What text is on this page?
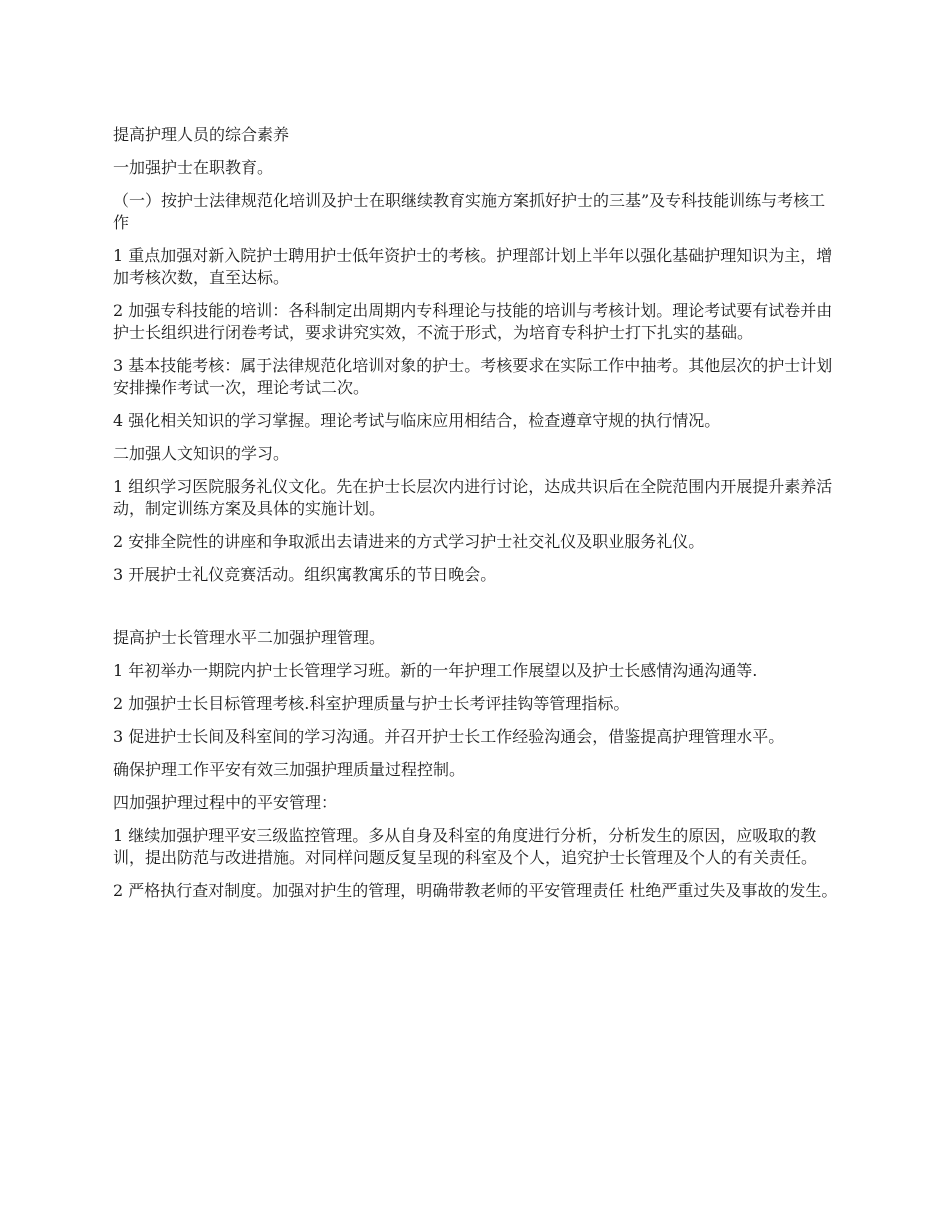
提高护理人员的综合素养

一加强护士在职教育。

（一）按护士法律规范化培训及护士在职继续教育实施方案抓好护士的三基”及专科技能训练与考核工作

1 重点加强对新入院护士聘用护士低年资护士的考核。护理部计划上半年以强化基础护理知识为主，增加考核次数，直至达标。

2 加强专科技能的培训：各科制定出周期内专科理论与技能的培训与考核计划。理论考试要有试卷并由护士长组织进行闭卷考试，要求讲究实效，不流于形式，为培育专科护士打下扎实的基础。

3 基本技能考核：属于法律规范化培训对象的护士。考核要求在实际工作中抽考。其他层次的护士计划安排操作考试一次，理论考试二次。

4 强化相关知识的学习掌握。理论考试与临床应用相结合，检查遵章守规的执行情况。

二加强人文知识的学习。

1 组织学习医院服务礼仪文化。先在护士长层次内进行讨论，达成共识后在全院范围内开展提升素养活动，制定训练方案及具体的实施计划。

2 安排全院性的讲座和争取派出去请进来的方式学习护士社交礼仪及职业服务礼仪。

3 开展护士礼仪竞赛活动。组织寓教寓乐的节日晚会。

提高护士长管理水平二加强护理管理。

1 年初举办一期院内护士长管理学习班。新的一年护理工作展望以及护士长感情沟通沟通等.

2 加强护士长目标管理考核.科室护理质量与护士长考评挂钩等管理指标。

3 促进护士长间及科室间的学习沟通。并召开护士长工作经验沟通会，借鉴提高护理管理水平。

确保护理工作平安有效三加强护理质量过程控制。

四加强护理过程中的平安管理：

1 继续加强护理平安三级监控管理。多从自身及科室的角度进行分析，分析发生的原因，应吸取的教训，提出防范与改进措施。对同样问题反复呈现的科室及个人，追究护士长管理及个人的有关责任。

2 严格执行查对制度。加强对护生的管理，明确带教老师的平安管理责任 杜绝严重过失及事故的发生。
